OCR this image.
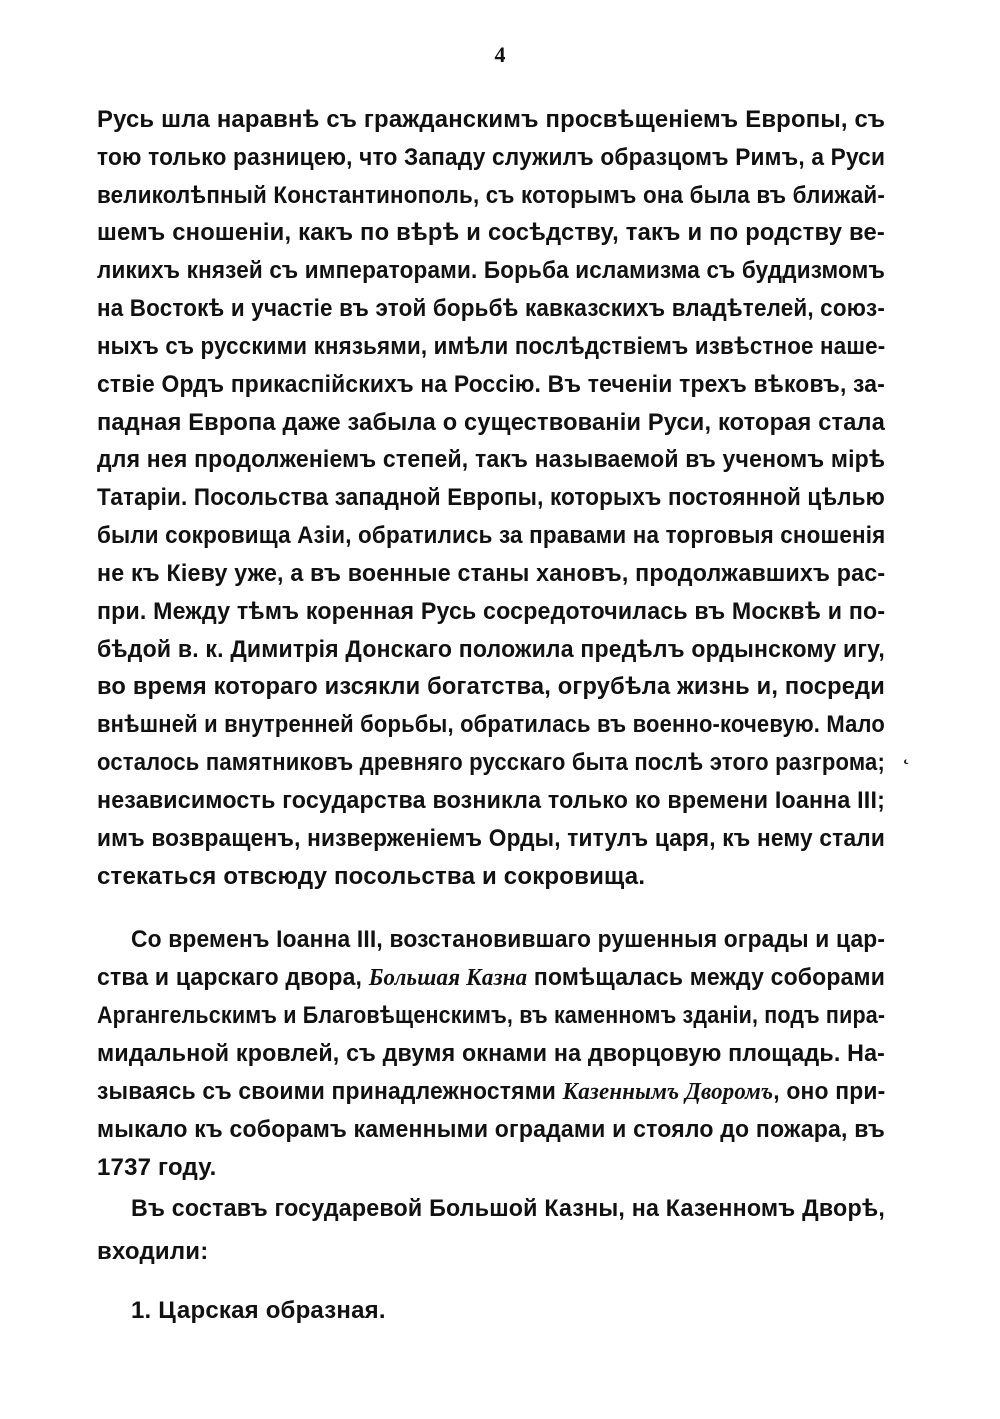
4
Русь шла наравнѣ съ гражданскимъ просвѣщеніемъ Европы, съ
тою только разницею, что Западу служилъ образцомъ Римъ, а Руси
великолѣпный Константинополь, съ которымъ она была въ ближай-
шемъ сношеніи, какъ по вѣрѣ и сосѣдству, такъ и по родству ве-
ликихъ князей съ императорами. Борьба исламизма съ буддизмомъ
на Востокѣ и участіе въ этой борьбѣ кавказскихъ владѣтелей, союз-
ныхъ съ русскими князьями, имѣли послѣдствіемъ извѣстное наше-
ствіе Ордъ прикаспійскихъ на Россію. Въ теченіи трехъ вѣковъ, за-
падная Европа даже забыла о существованіи Руси, которая стала
для нея продолженіемъ степей, такъ называемой въ ученомъ мірѣ
Татаріи. Посольства западной Европы, которыхъ постоянной цѣлью
были сокровища Азіи, обратились за правами на торговыя сношенія
не къ Кіеву уже, а въ военные станы хановъ, продолжавшихъ рас-
при. Между тѣмъ коренная Русь сосредоточилась въ Москвѣ и по-
бѣдой в. к. Димитрія Донскаго положила предѣлъ ордынскому игу,
во время котораго изсякли богатства, огрубѣла жизнь и, посреди
внѣшней и внутренней борьбы, обратилась въ военно-кочевую. Мало
осталось памятниковъ древняго русскаго быта послѣ этого разгрома;
независимость государства возникла только ко времени Іоанна III;
имъ возвращенъ, низверженіемъ Орды, титулъ царя, къ нему стали
стекаться отвсюду посольства и сокровища.
˛
Со временъ Іоанна III, возстановившаго рушенныя ограды и цар-
ства и царскаго двора, Большая Казна помѣщалась между соборами
Аргангельскимъ и Благовѣщенскимъ, въ каменномъ зданіи, подъ пира-
мидальной кровлей, съ двумя окнами на дворцовую площадь. На-
зываясь съ своими принадлежностями Казеннымъ Дворомъ, оно при-
мыкало къ соборамъ каменными оградами и стояло до пожара, въ
1737 году.
Въ составъ государевой Большой Казны, на Казенномъ Дворѣ,
входили:
1. Царская образная.
